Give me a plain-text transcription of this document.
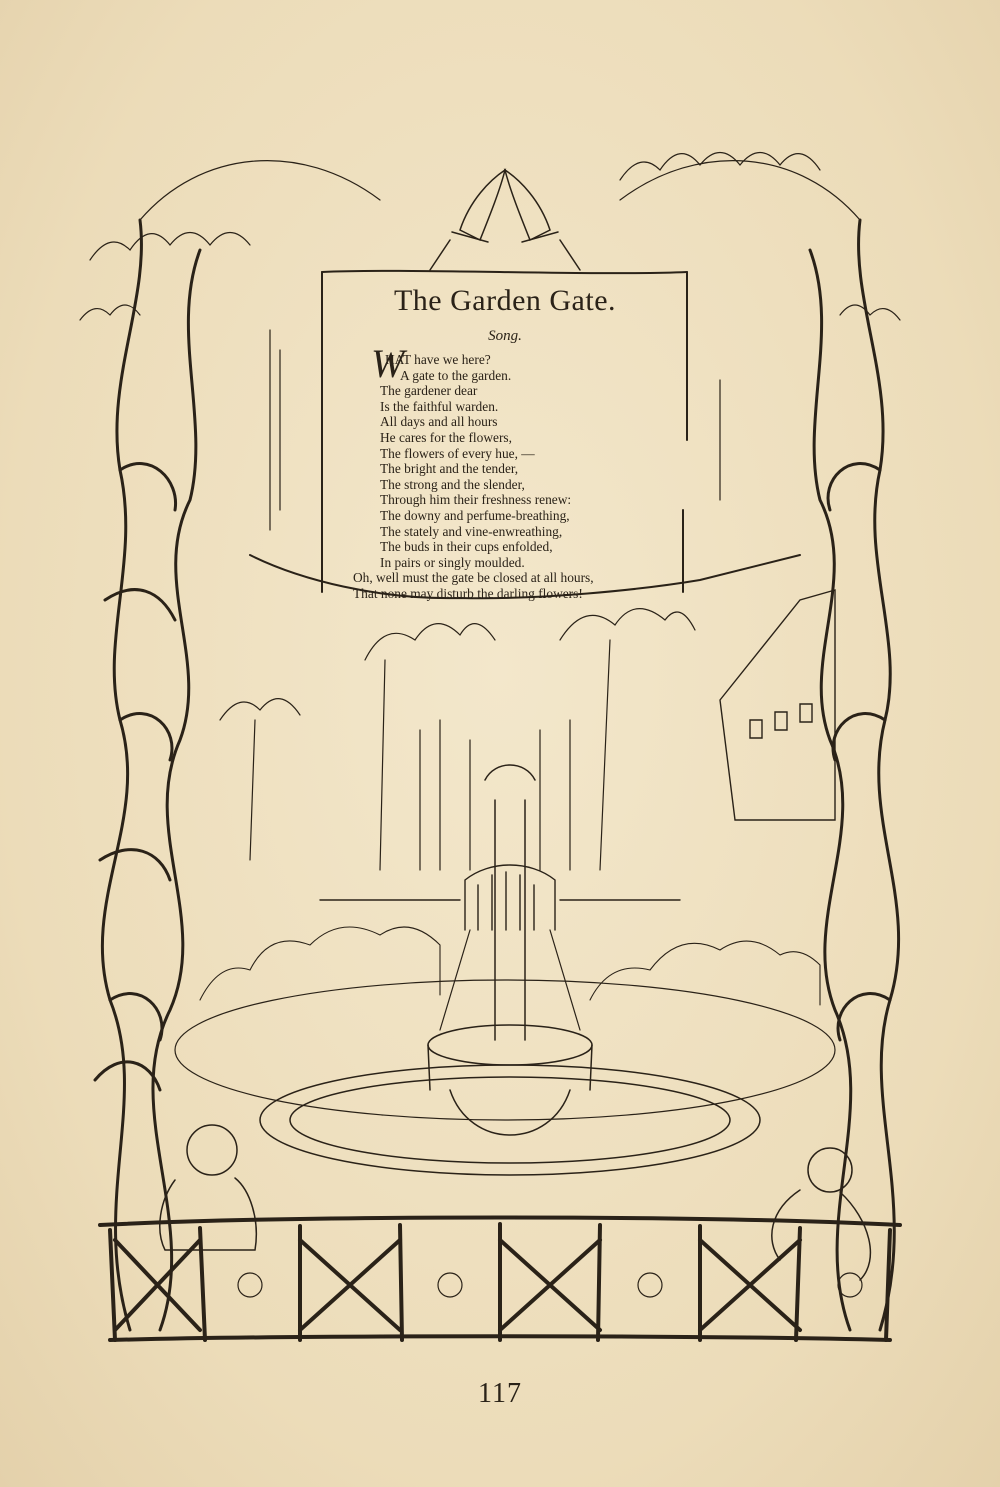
The Garden Gate.
Song.
W
HAT have we here?
A gate to the garden.
The gardener dear
Is the faithful warden.
All days and all hours
He cares for the flowers,
The flowers of every hue, —
The bright and the tender,
The strong and the slender,
Through him their freshness renew:
The downy and perfume-breathing,
The stately and vine-enwreathing,
The buds in their cups enfolded,
In pairs or singly moulded.
Oh, well must the gate be closed at all hours,
That none may disturb the darling flowers!
117
